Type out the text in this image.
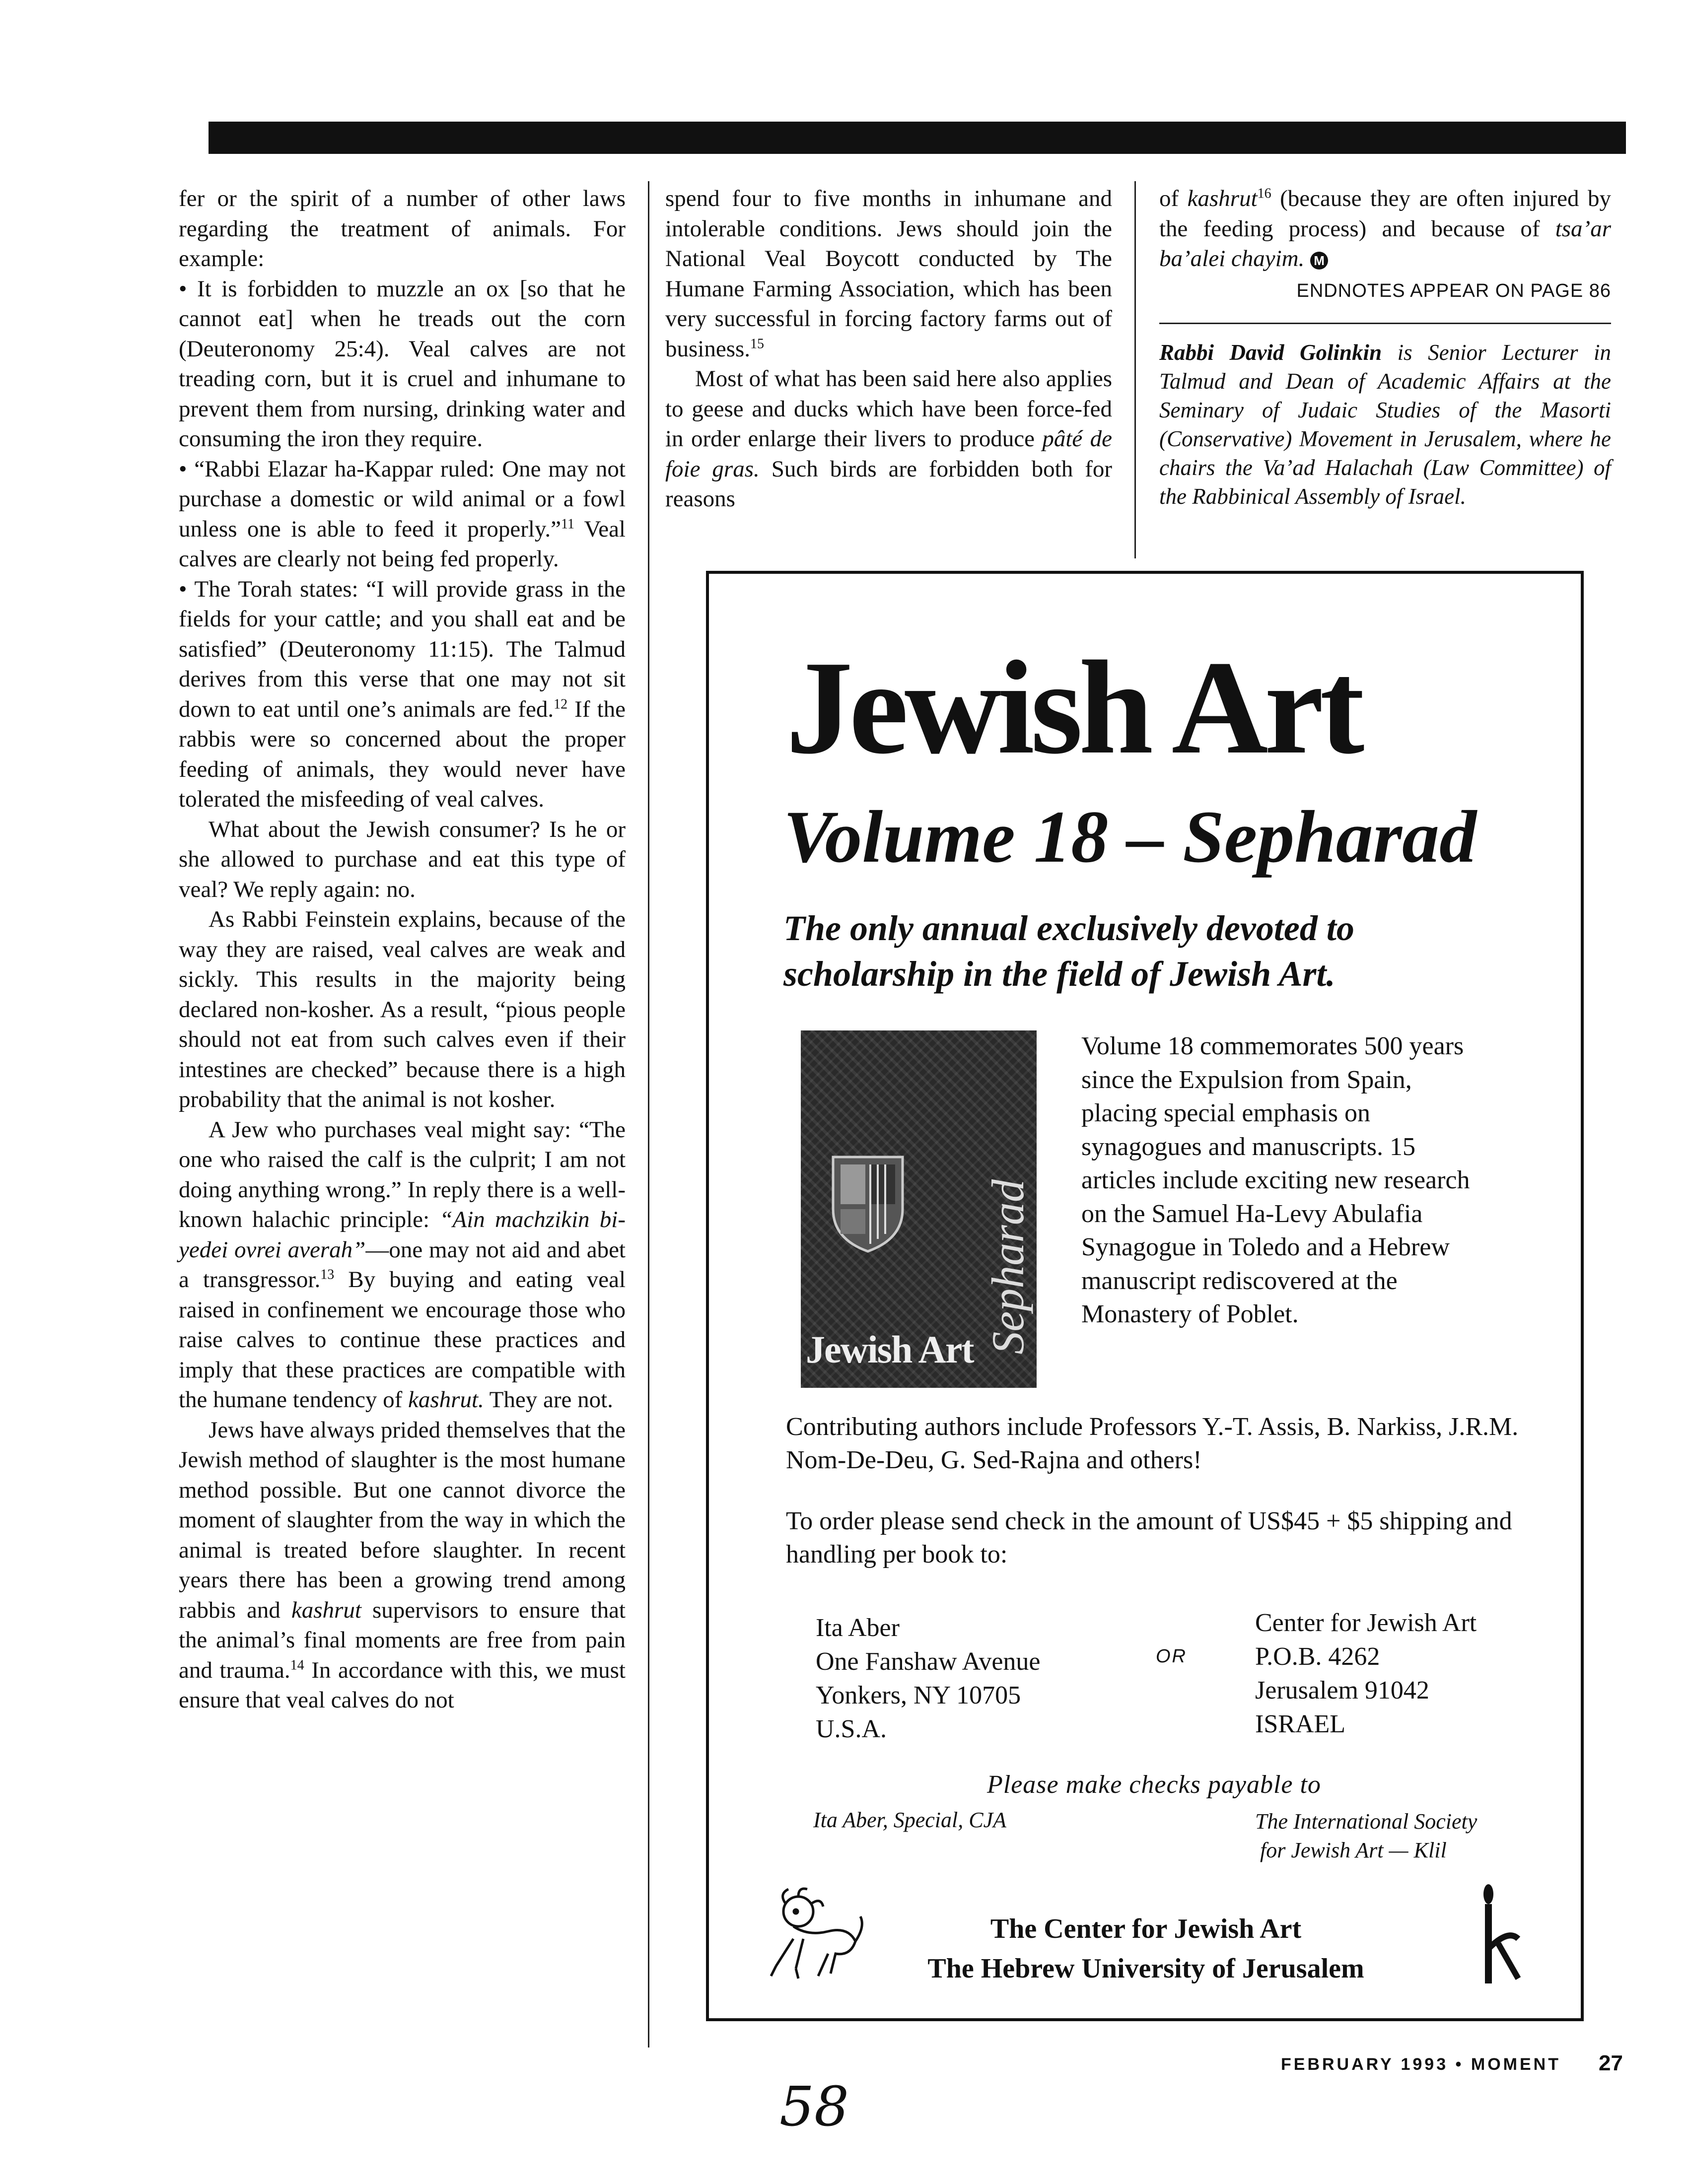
fer or the spirit of a number of other laws regarding the treatment of animals. For example:

• It is forbidden to muzzle an ox [so that he cannot eat] when he treads out the corn (Deuteronomy 25:4). Veal calves are not treading corn, but it is cruel and inhumane to prevent them from nursing, drinking water and consuming the iron they require.

• “Rabbi Elazar ha-Kappar ruled: One may not purchase a domestic or wild animal or a fowl unless one is able to feed it properly.”$^{11}$ Veal calves are clearly not being fed properly.

• The Torah states: “I will provide grass in the fields for your cattle; and you shall eat and be satisfied” (Deuteronomy 11:15). The Talmud derives from this verse that one may not sit down to eat until one’s animals are fed.$^{12}$ If the rabbis were so concerned about the proper feeding of animals, they would never have tolerated the misfeeding of veal calves.

What about the Jewish consumer? Is he or she allowed to purchase and eat this type of veal? We reply again: no.

As Rabbi Feinstein explains, because of the way they are raised, veal calves are weak and sickly. This results in the majority being declared non-kosher. As a result, “pious people should not eat from such calves even if their intestines are checked” because there is a high probability that the animal is not kosher.

A Jew who purchases veal might say: “The one who raised the calf is the culprit; I am not doing anything wrong.” In reply there is a well-known halachic principle: “Ain machzikin bi-yedei ovrei averah”—one may not aid and abet a transgressor.$^{13}$ By buying and eating veal raised in confinement we encourage those who raise calves to continue these practices and imply that these practices are compatible with the humane tendency of kashrut. They are not.

Jews have always prided themselves that the Jewish method of slaughter is the most humane method possible. But one cannot divorce the moment of slaughter from the way in which the animal is treated before slaughter. In recent years there has been a growing trend among rabbis and kashrut supervisors to ensure that the animal’s final moments are free from pain and trauma.$^{14}$ In accordance with this, we must ensure that veal calves do not

spend four to five months in inhumane and intolerable conditions. Jews should join the National Veal Boycott conducted by The Humane Farming Association, which has been very successful in forcing factory farms out of business.$^{15}$

Most of what has been said here also applies to geese and ducks which have been force-fed in order enlarge their livers to produce pâté de foie gras. Such birds are forbidden both for reasons

of kashrut$^{16}$ (because they are often injured by the feeding process) and because of tsa’ar ba’alei chayim. M

ENDNOTES APPEAR ON PAGE 86

Rabbi David Golinkin is Senior Lecturer in Talmud and Dean of Academic Affairs at the Seminary of Judaic Studies of the Masorti (Conservative) Movement in Jerusalem, where he chairs the Va’ad Halachah (Law Committee) of the Rabbinical Assembly of Israel.

Jewish Art
Volume 18 – Sepharad
The only annual exclusively devoted to scholarship in the field of Jewish Art.
Sepharad
Jewish Art
Volume 18 commemorates 500 years since the Expulsion from Spain, placing special emphasis on synagogues and manuscripts. 15 articles include exciting new research on the Samuel Ha-Levy Abulafia Synagogue in Toledo and a Hebrew manuscript rediscovered at the Monastery of Poblet.
Contributing authors include Professors Y.-T. Assis, B. Narkiss, J.R.M. Nom-De-Deu, G. Sed-Rajna and others!
To order please send check in the amount of US$45 + $5 shipping and handling per book to:
Ita Aber
One Fanshaw Avenue
Yonkers, NY 10705
U.S.A.
OR
Center for Jewish Art
P.O.B. 4262
Jerusalem 91042
ISRAEL
Please make checks payable to
Ita Aber, Special, CJA	The International Society
for Jewish Art — Klil
The Center for Jewish Art
The Hebrew University of Jerusalem
FEBRUARY 1993 • MOMENT 27
58
